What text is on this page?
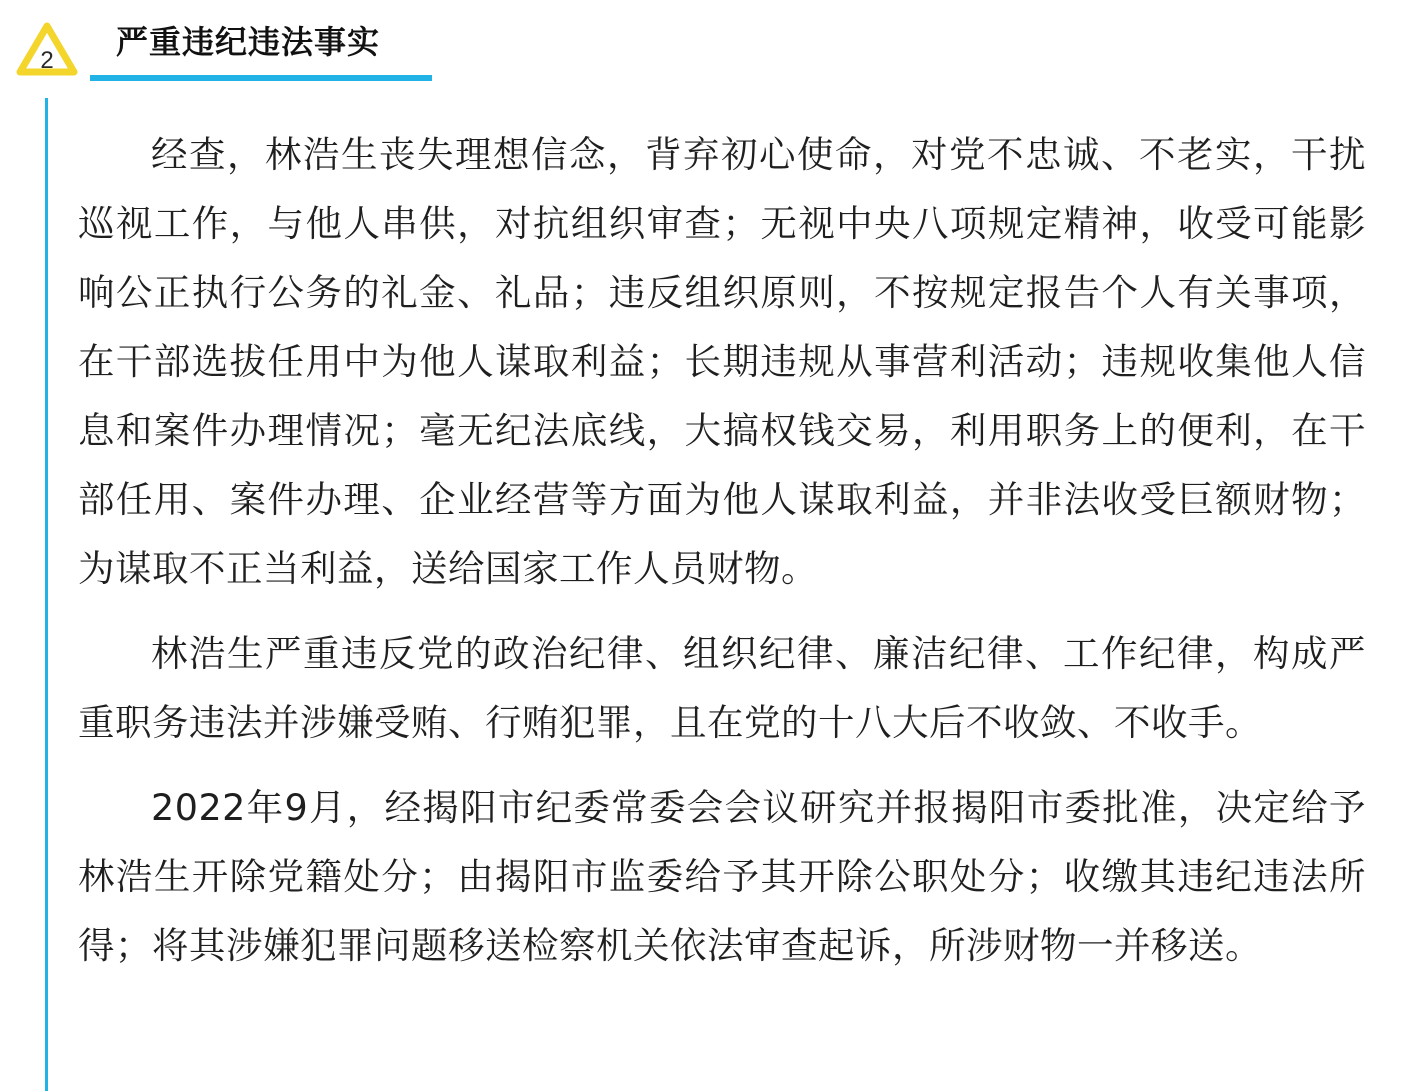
2	严重违纪违法事实

经查，林浩生丧失理想信念，背弃初心使命，对党不忠诚、不老实，干扰巡视工作，与他人串供，对抗组织审查；无视中央八项规定精神，收受可能影响公正执行公务的礼金、礼品；违反组织原则，不按规定报告个人有关事项，在干部选拔任用中为他人谋取利益；长期违规从事营利活动；违规收集他人信息和案件办理情况；毫无纪法底线，大搞权钱交易，利用职务上的便利，在干部任用、案件办理、企业经营等方面为他人谋取利益，并非法收受巨额财物；为谋取不正当利益，送给国家工作人员财物。

林浩生严重违反党的政治纪律、组织纪律、廉洁纪律、工作纪律，构成严重职务违法并涉嫌受贿、行贿犯罪，且在党的十八大后不收敛、不收手。

2022年9月，经揭阳市纪委常委会会议研究并报揭阳市委批准，决定给予林浩生开除党籍处分；由揭阳市监委给予其开除公职处分；收缴其违纪违法所得；将其涉嫌犯罪问题移送检察机关依法审查起诉，所涉财物一并移送。
